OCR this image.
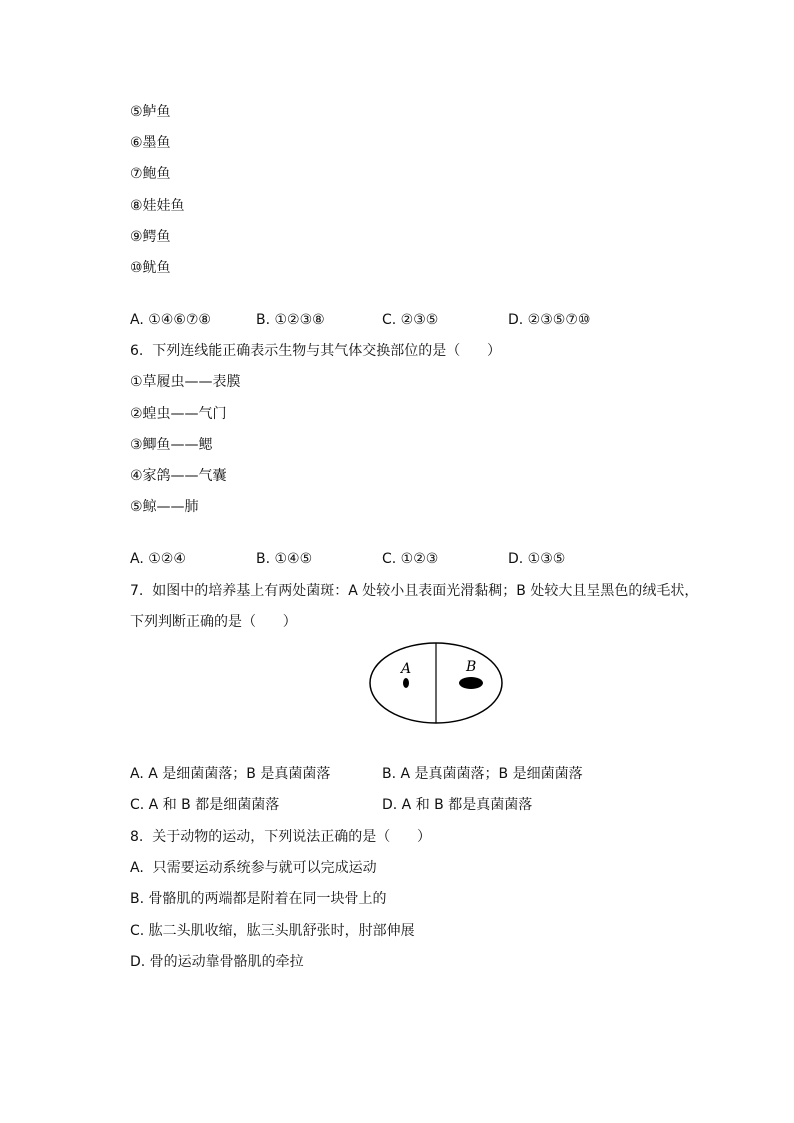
⑤鲈鱼
⑥墨鱼
⑦鲍鱼
⑧娃娃鱼
⑨鳄鱼
⑩鱿鱼
A. ①④⑥⑦⑧	B. ①②③⑧	C. ②③⑤	D. ②③⑤⑦⑩
6.  下列连线能正确表示生物与其气体交换部位的是（      ）
①草履虫——表膜
②蝗虫——气门
③鲫鱼——鳃
④家鸽——气囊
⑤鲸——肺
A. ①②④	B. ①④⑤	C. ①②③	D. ①③⑤
7.  如图中的培养基上有两处菌斑：A 处较小且表面光滑黏稠；B 处较大且呈黑色的绒毛状，
下列判断正确的是（      ）
A	B
A. A 是细菌菌落；B 是真菌菌落	B. A 是真菌菌落；B 是细菌菌落
C. A 和 B 都是细菌菌落	D. A 和 B 都是真菌菌落
8.  关于动物的运动，下列说法正确的是（      ）
A.  只需要运动系统参与就可以完成运动
B. 骨骼肌的两端都是附着在同一块骨上的
C. 肱二头肌收缩，肱三头肌舒张时，肘部伸展
D. 骨的运动靠骨骼肌的牵拉
